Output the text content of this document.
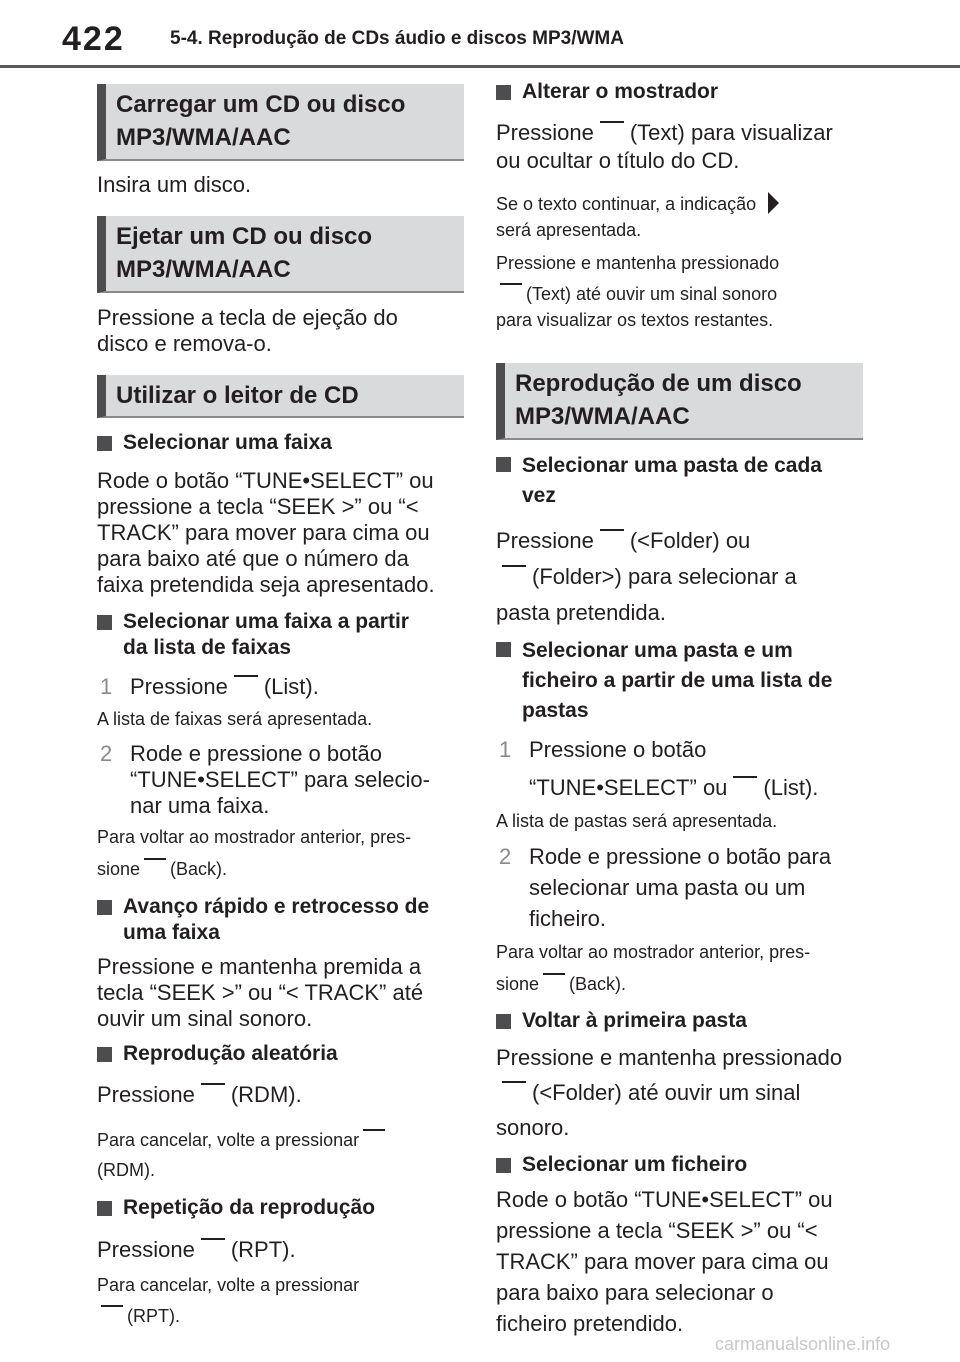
422 5-4. Reprodução de CDs áudio e discos MP3/WMA
Carregar um CD ou disco
MP3/WMA/AAC
Insira um disco.
Ejetar um CD ou disco
MP3/WMA/AAC
Pressione a tecla de ejeção do
disco e remova-o.
Utilizar o leitor de CD
Selecionar uma faixa
Rode o botão “TUNE•SELECT” ou
pressione a tecla “SEEK >” ou “<
TRACK” para mover para cima ou
para baixo até que o número da
faixa pretendida seja apresentado.
Selecionar uma faixa a partir
da lista de faixas
1 Pressione (List).
A lista de faixas será apresentada.
2 Rode e pressione o botão
“TUNE•SELECT” para selecio-
nar uma faixa.
Para voltar ao mostrador anterior, pres-
sione (Back).
Avanço rápido e retrocesso de
uma faixa
Pressione e mantenha premida a
tecla “SEEK >” ou “< TRACK” até
ouvir um sinal sonoro.
Reprodução aleatória
Pressione (RDM).
Para cancelar, volte a pressionar
(RDM).
Repetição da reprodução
Pressione (RPT).
Para cancelar, volte a pressionar
(RPT).
Alterar o mostrador
Pressione (Text) para visualizar
ou ocultar o título do CD.
Se o texto continuar, a indicação
será apresentada.
Pressione e mantenha pressionado
(Text) até ouvir um sinal sonoro
para visualizar os textos restantes.
Reprodução de um disco
MP3/WMA/AAC
Selecionar uma pasta de cada
vez
Pressione (<Folder) ou
(Folder>) para selecionar a
pasta pretendida.
Selecionar uma pasta e um
ficheiro a partir de uma lista de
pastas
1 Pressione o botão
“TUNE•SELECT” ou (List).
A lista de pastas será apresentada.
2 Rode e pressione o botão para
selecionar uma pasta ou um
ficheiro.
Para voltar ao mostrador anterior, pres-
sione (Back).
Voltar à primeira pasta
Pressione e mantenha pressionado
(<Folder) até ouvir um sinal
sonoro.
Selecionar um ficheiro
Rode o botão “TUNE•SELECT” ou
pressione a tecla “SEEK >” ou “<
TRACK” para mover para cima ou
para baixo para selecionar o
ficheiro pretendido.
carmanualsonline.info
